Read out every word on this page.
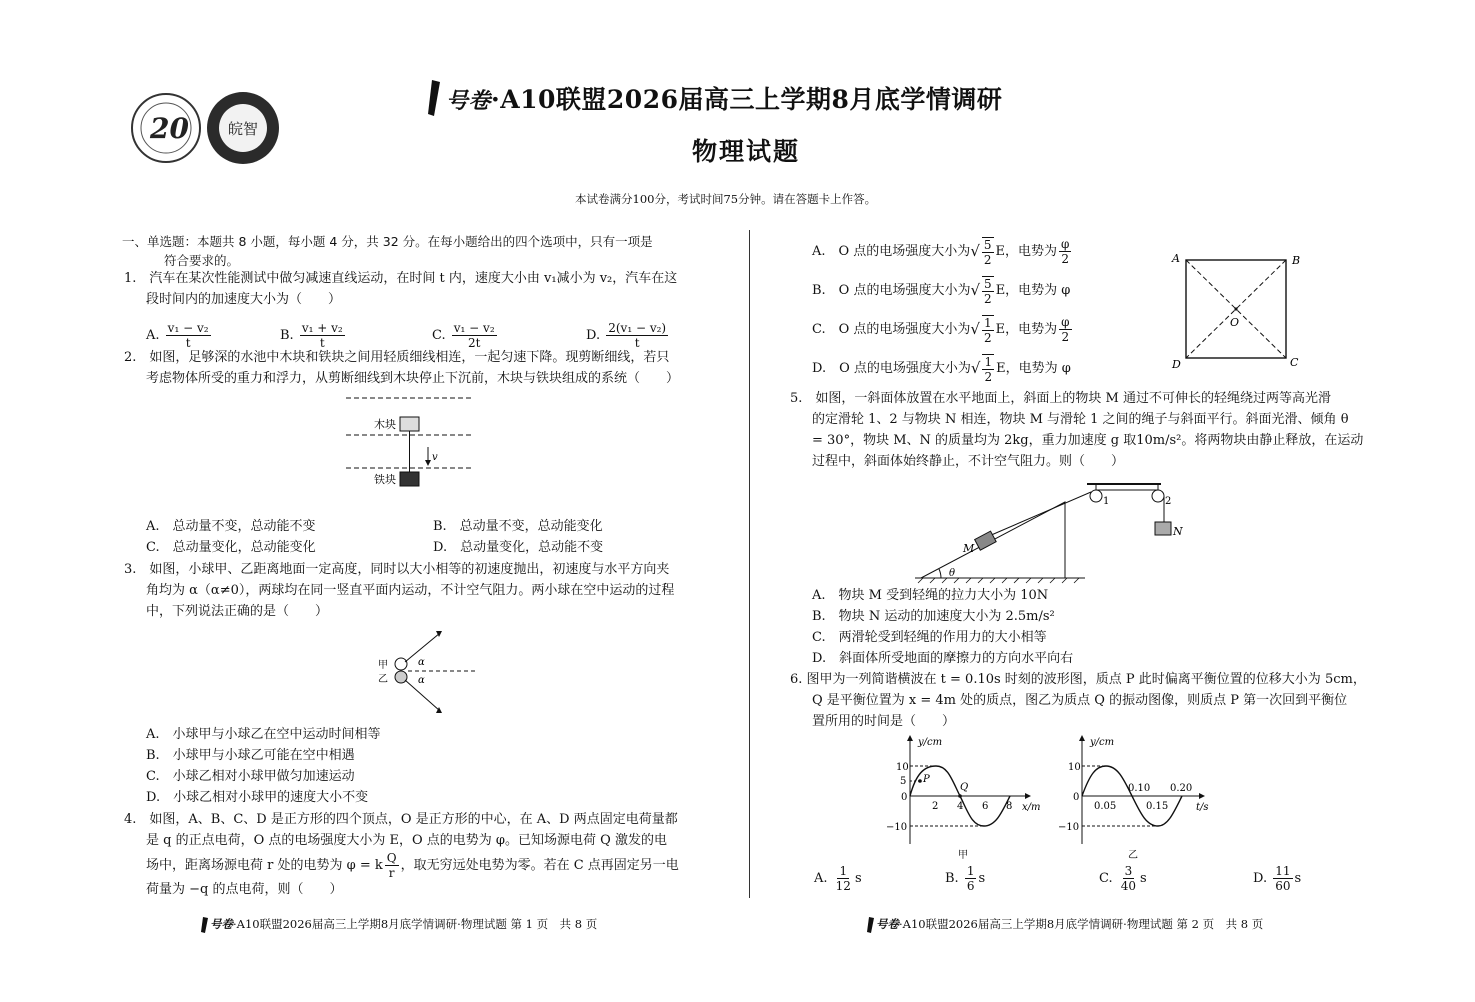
20	皖智
号卷·A10联盟2026届高三上学期8月底学情调研
物理试题
本试卷满分100分，考试时间75分钟。请在答题卡上作答。
一、单选题：本题共 8 小题，每小题 4 分，共 32 分。在每小题给出的四个选项中，只有一项是
符合要求的。
1.　汽车在某次性能测试中做匀减速直线运动，在时间 t 内，速度大小由 v₁减小为 v₂，汽车在这
段时间内的加速度大小为（　　）
A. $\frac{\text{v₁ − v₂}}{t}$	B. $\frac{\text{v₁ + v₂}}{t}$	C. $\frac{\text{v₁ − v₂}}{2t}$	D. $\frac{\text{2(v₁ − v₂)}}{t}$
2.　如图，足够深的水池中木块和铁块之间用轻质细线相连，一起匀速下降。现剪断细线，若只
考虑物体所受的重力和浮力，从剪断细线到木块停止下沉前，木块与铁块组成的系统（　　）
木块
铁块
v
A.　总动量不变，总动能不变	B.　总动量不变，总动能变化
C.　总动量变化，总动能变化	D.　总动量变化，总动能不变
3.　如图，小球甲、乙距离地面一定高度，同时以大小相等的初速度抛出，初速度与水平方向夹
角均为 α（α≠0），两球均在同一竖直平面内运动，不计空气阻力。两小球在空中运动的过程
中，下列说法正确的是（　　）
甲
乙
α
α
A.　小球甲与小球乙在空中运动时间相等
B.　小球甲与小球乙可能在空中相遇
C.　小球乙相对小球甲做匀加速运动
D.　小球乙相对小球甲的速度大小不变
4.　如图，A、B、C、D 是正方形的四个顶点，O 是正方形的中心，在 A、D 两点固定电荷量都
是 q 的正点电荷，O 点的电场强度大小为 E，O 点的电势为 φ。已知场源电荷 Q 激发的电
场中，距离场源电荷 r 处的电势为 φ = k $\frac{Q}{r}$ ，取无穷远处电势为零。若在 C 点再固定另一电
荷量为 −q 的点电荷，则（　　）
A.　O 点的电场强度大小为 √ $\frac{5}{2}$ E，电势为 $\frac{\varphi}{2}$
B.　O 点的电场强度大小为 √ $\frac{5}{2}$ E，电势为 φ
C.　O 点的电场强度大小为 √ $\frac{1}{2}$ E，电势为 $\frac{\varphi}{2}$
D.　O 点的电场强度大小为 √ $\frac{1}{2}$ E，电势为 φ
A	B
C
D
O
5.　如图，一斜面体放置在水平地面上，斜面上的物块 M 通过不可伸长的轻绳绕过两等高光滑
的定滑轮 1、2 与物块 N 相连，物块 M 与滑轮 1 之间的绳子与斜面平行。斜面光滑、倾角 θ
= 30°，物块 M、N 的质量均为 2kg，重力加速度 g 取10m/s²。将两物块由静止释放，在运动
过程中，斜面体始终静止，不计空气阻力。则（　　）
M
N
1	2
θ
A.　物块 M 受到轻绳的拉力大小为 10N
B.　物块 N 运动的加速度大小为 2.5m/s²
C.　两滑轮受到轻绳的作用力的大小相等
D.　斜面体所受地面的摩擦力的方向水平向右
6. 图甲为一列简谐横波在 t = 0.10s 时刻的波形图，质点 P 此时偏离平衡位置的位移大小为 5cm，
Q 是平衡位置为 x = 4m 处的质点，图乙为质点 Q 的振动图像，则质点 P 第一次回到平衡位
置所用的时间是（　　）
y/cm
x/m
10
5
0
−10
2 4 6 8
P
Q
甲
y/cm
t/s
10
0
−10
0.05
0.10
0.15
0.20
乙
A.
$\frac{1}{12}$ s	B.
$\frac{1}{6}$ s	C.
$\frac{3}{40}$ s	D.
$\frac{11}{60}$ s
号卷·A10联盟2026届高三上学期8月底学情调研·物理试题 第 1 页　共 8 页	号卷·A10联盟2026届高三上学期8月底学情调研·物理试题 第 2 页　共 8 页
